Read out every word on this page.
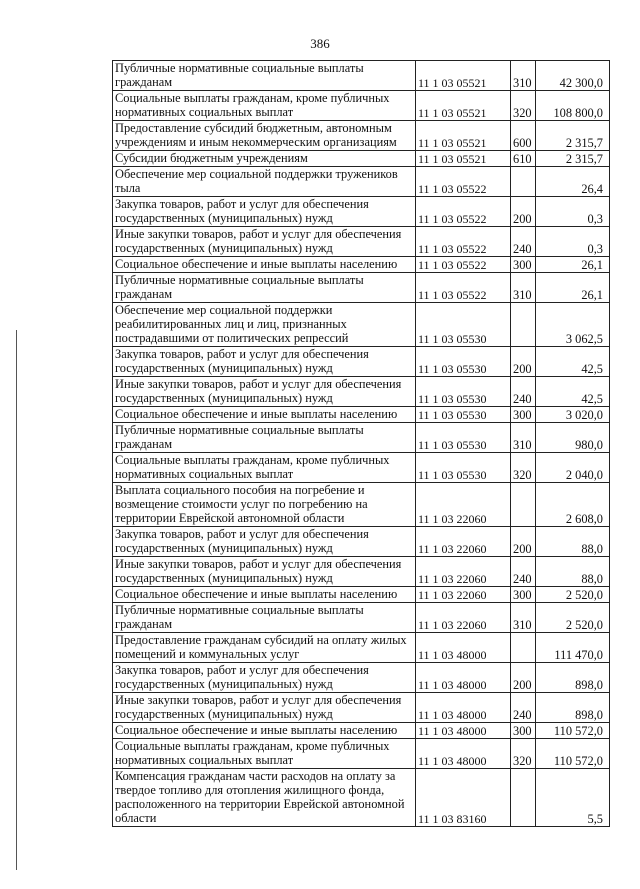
386
Публичные нормативные социальные выплаты гражданам	11 1 03 05521	310	42 300,0
Социальные выплаты гражданам, кроме публичных нормативных социальных выплат	11 1 03 05521	320	108 800,0
Предоставление субсидий бюджетным, автономным учреждениям и иным некоммерческим организациям	11 1 03 05521	600	2 315,7
Субсидии бюджетным учреждениям	11 1 03 05521	610	2 315,7
Обеспечение мер социальной поддержки тружеников тыла	11 1 03 05522		26,4
Закупка товаров, работ и услуг для обеспечения государственных (муниципальных) нужд	11 1 03 05522	200	0,3
Иные закупки товаров, работ и услуг для обеспечения государственных (муниципальных) нужд	11 1 03 05522	240	0,3
Социальное обеспечение и иные выплаты населению	11 1 03 05522	300	26,1
Публичные нормативные социальные выплаты гражданам	11 1 03 05522	310	26,1
Обеспечение мер социальной поддержки реабилитированных лиц и лиц, признанных пострадавшими от политических репрессий	11 1 03 05530		3 062,5
Закупка товаров, работ и услуг для обеспечения государственных (муниципальных) нужд	11 1 03 05530	200	42,5
Иные закупки товаров, работ и услуг для обеспечения государственных (муниципальных) нужд	11 1 03 05530	240	42,5
Социальное обеспечение и иные выплаты населению	11 1 03 05530	300	3 020,0
Публичные нормативные социальные выплаты гражданам	11 1 03 05530	310	980,0
Социальные выплаты гражданам, кроме публичных нормативных социальных выплат	11 1 03 05530	320	2 040,0
Выплата социального пособия на погребение и возмещение стоимости услуг по погребению на территории Еврейской автономной области	11 1 03 22060		2 608,0
Закупка товаров, работ и услуг для обеспечения государственных (муниципальных) нужд	11 1 03 22060	200	88,0
Иные закупки товаров, работ и услуг для обеспечения государственных (муниципальных) нужд	11 1 03 22060	240	88,0
Социальное обеспечение и иные выплаты населению	11 1 03 22060	300	2 520,0
Публичные нормативные социальные выплаты гражданам	11 1 03 22060	310	2 520,0
Предоставление гражданам субсидий на оплату жилых помещений и коммунальных услуг	11 1 03 48000		111 470,0
Закупка товаров, работ и услуг для обеспечения государственных (муниципальных) нужд	11 1 03 48000	200	898,0
Иные закупки товаров, работ и услуг для обеспечения государственных (муниципальных) нужд	11 1 03 48000	240	898,0
Социальное обеспечение и иные выплаты населению	11 1 03 48000	300	110 572,0
Социальные выплаты гражданам, кроме публичных нормативных социальных выплат	11 1 03 48000	320	110 572,0
Компенсация гражданам части расходов на оплату за твердое топливо для отопления жилищного фонда, расположенного на территории Еврейской автономной области	11 1 03 83160		5,5
